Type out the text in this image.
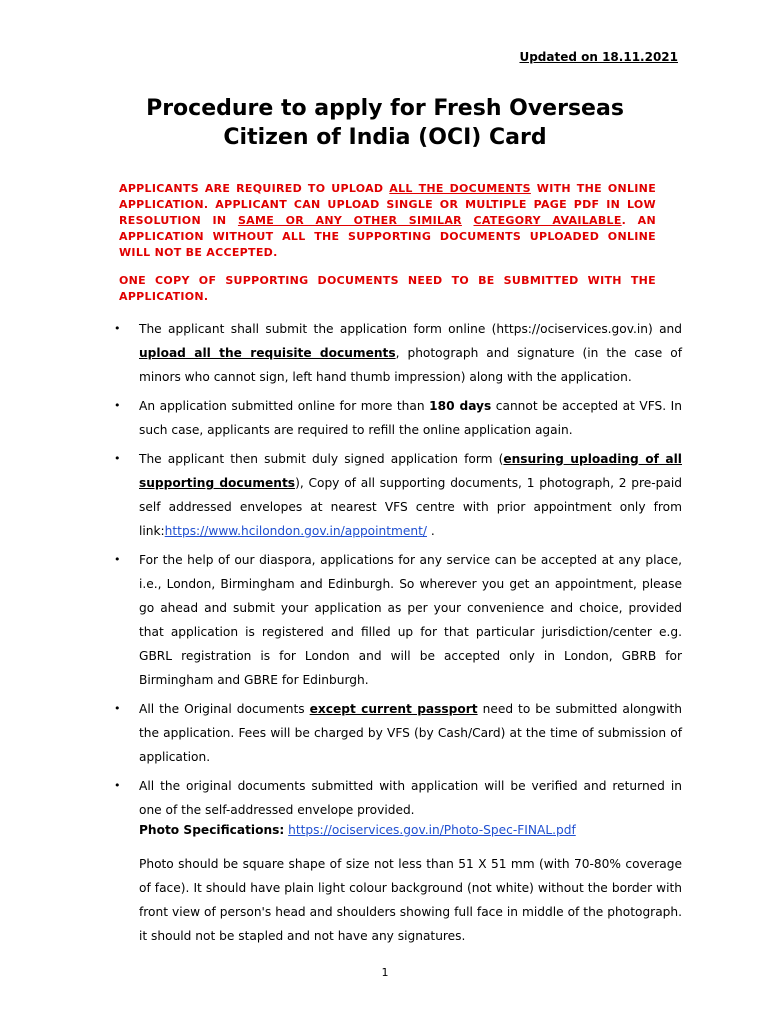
Updated on 18.11.2021
Procedure to apply for Fresh Overseas
Citizen of India (OCI) Card
APPLICANTS ARE REQUIRED TO UPLOAD ALL THE DOCUMENTS WITH THE ONLINE APPLICATION. APPLICANT CAN UPLOAD SINGLE OR MULTIPLE PAGE PDF IN LOW RESOLUTION IN SAME OR ANY OTHER SIMILAR CATEGORY AVAILABLE. AN APPLICATION WITHOUT ALL THE SUPPORTING DOCUMENTS UPLOADED ONLINE WILL NOT BE ACCEPTED.
ONE COPY OF SUPPORTING DOCUMENTS NEED TO BE SUBMITTED WITH THE APPLICATION.
• The applicant shall submit the application form online (https://ociservices.gov.in) and upload all the requisite documents, photograph and signature (in the case of minors who cannot sign, left hand thumb impression) along with the application.
• An application submitted online for more than 180 days cannot be accepted at VFS. In such case, applicants are required to refill the online application again.
• The applicant then submit duly signed application form (ensuring uploading of all supporting documents), Copy of all supporting documents, 1 photograph, 2 pre-paid self addressed envelopes at nearest VFS centre with prior appointment only from link:https://www.hcilondon.gov.in/appointment/ .
• For the help of our diaspora, applications for any service can be accepted at any place, i.e., London, Birmingham and Edinburgh. So wherever you get an appointment, please go ahead and submit your application as per your convenience and choice, provided that application is registered and filled up for that particular jurisdiction/center e.g. GBRL registration is for London and will be accepted only in London, GBRB for Birmingham and GBRE for Edinburgh.
• All the Original documents except current passport need to be submitted alongwith the application. Fees will be charged by VFS (by Cash/Card) at the time of submission of application.
• All the original documents submitted with application will be verified and returned in one of the self-addressed envelope provided.
Photo Specifications: https://ociservices.gov.in/Photo-Spec-FINAL.pdf
Photo should be square shape of size not less than 51 X 51 mm (with 70-80% coverage of face). It should have plain light colour background (not white) without the border with front view of person's head and shoulders showing full face in middle of the photograph. it should not be stapled and not have any signatures.
1
